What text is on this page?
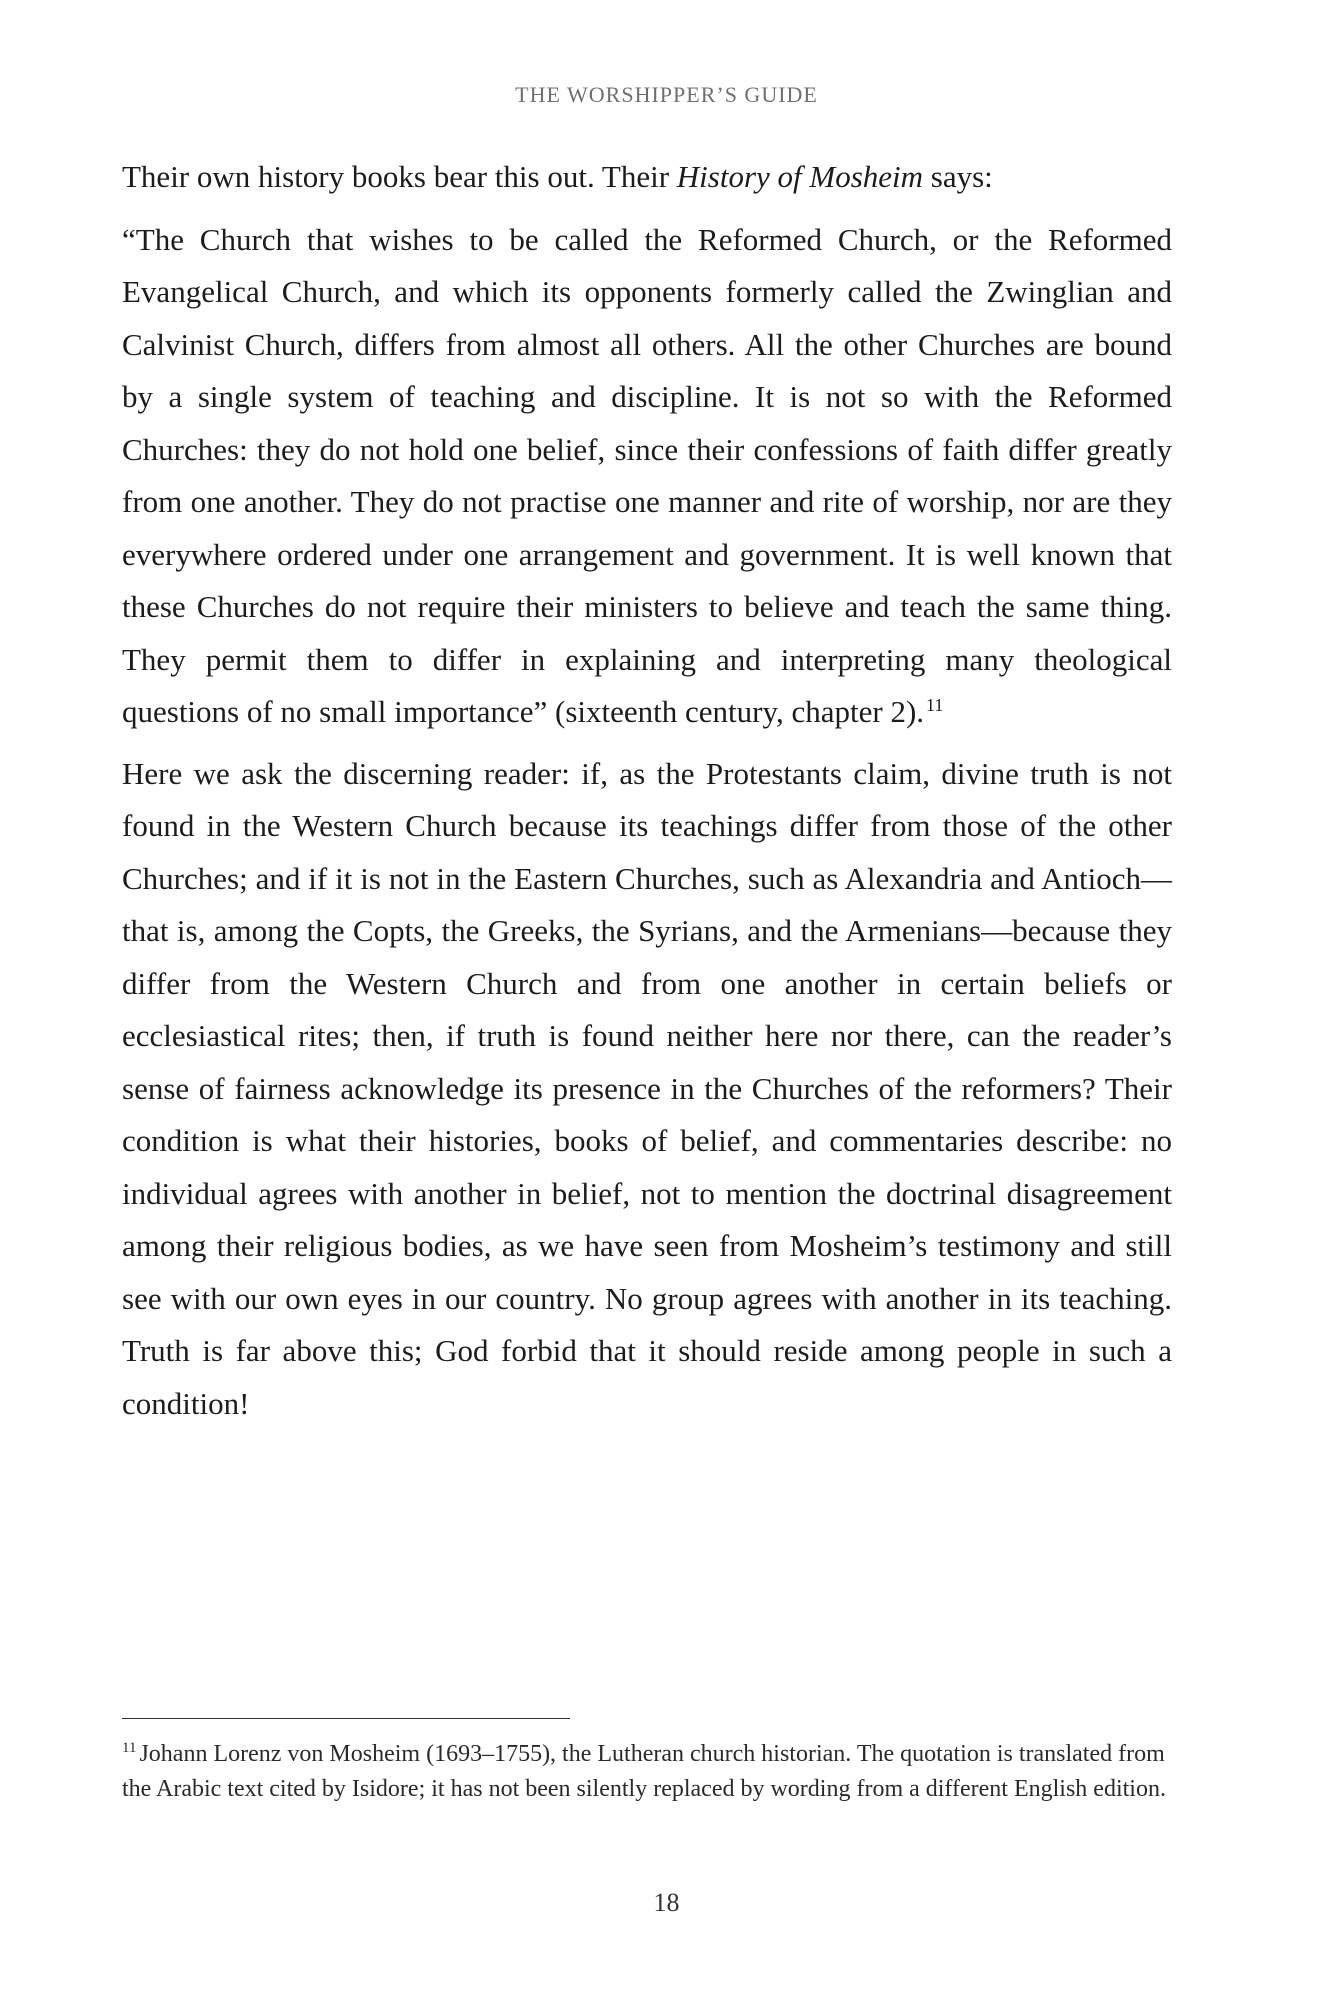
THE WORSHIPPER’S GUIDE

Their own history books bear this out. Their History of Mosheim says:

“The Church that wishes to be called the Reformed Church, or the Reformed Evangelical Church, and which its opponents formerly called the Zwinglian and Calvinist Church, differs from almost all others. All the other Churches are bound by a single system of teaching and discipline. It is not so with the Reformed Churches: they do not hold one belief, since their confessions of faith differ greatly from one another. They do not practise one manner and rite of worship, nor are they everywhere ordered under one arrangement and government. It is well known that these Churches do not require their ministers to believe and teach the same thing. They permit them to differ in explaining and interpreting many theological questions of no small importance” (sixteenth century, chapter 2). $^{11}$

Here we ask the discerning reader: if, as the Protestants claim, divine truth is not found in the Western Church because its teachings differ from those of the other Churches; and if it is not in the Eastern Churches, such as Alexandria and Antioch—that is, among the Copts, the Greeks, the Syrians, and the Armenians—because they differ from the Western Church and from one another in certain beliefs or ecclesiastical rites; then, if truth is found neither here nor there, can the reader’s sense of fairness acknowledge its presence in the Churches of the reformers? Their condition is what their histories, books of belief, and commentaries describe: no individual agrees with another in belief, not to mention the doctrinal disagreement among their religious bodies, as we have seen from Mosheim’s testimony and still see with our own eyes in our country. No group agrees with another in its teaching. Truth is far above this; God forbid that it should reside among people in such a condition!

$^{11}$ Johann Lorenz von Mosheim (1693–1755), the Lutheran church historian. The quotation is translated from the Arabic text cited by Isidore; it has not been silently replaced by wording from a different English edition.
18
